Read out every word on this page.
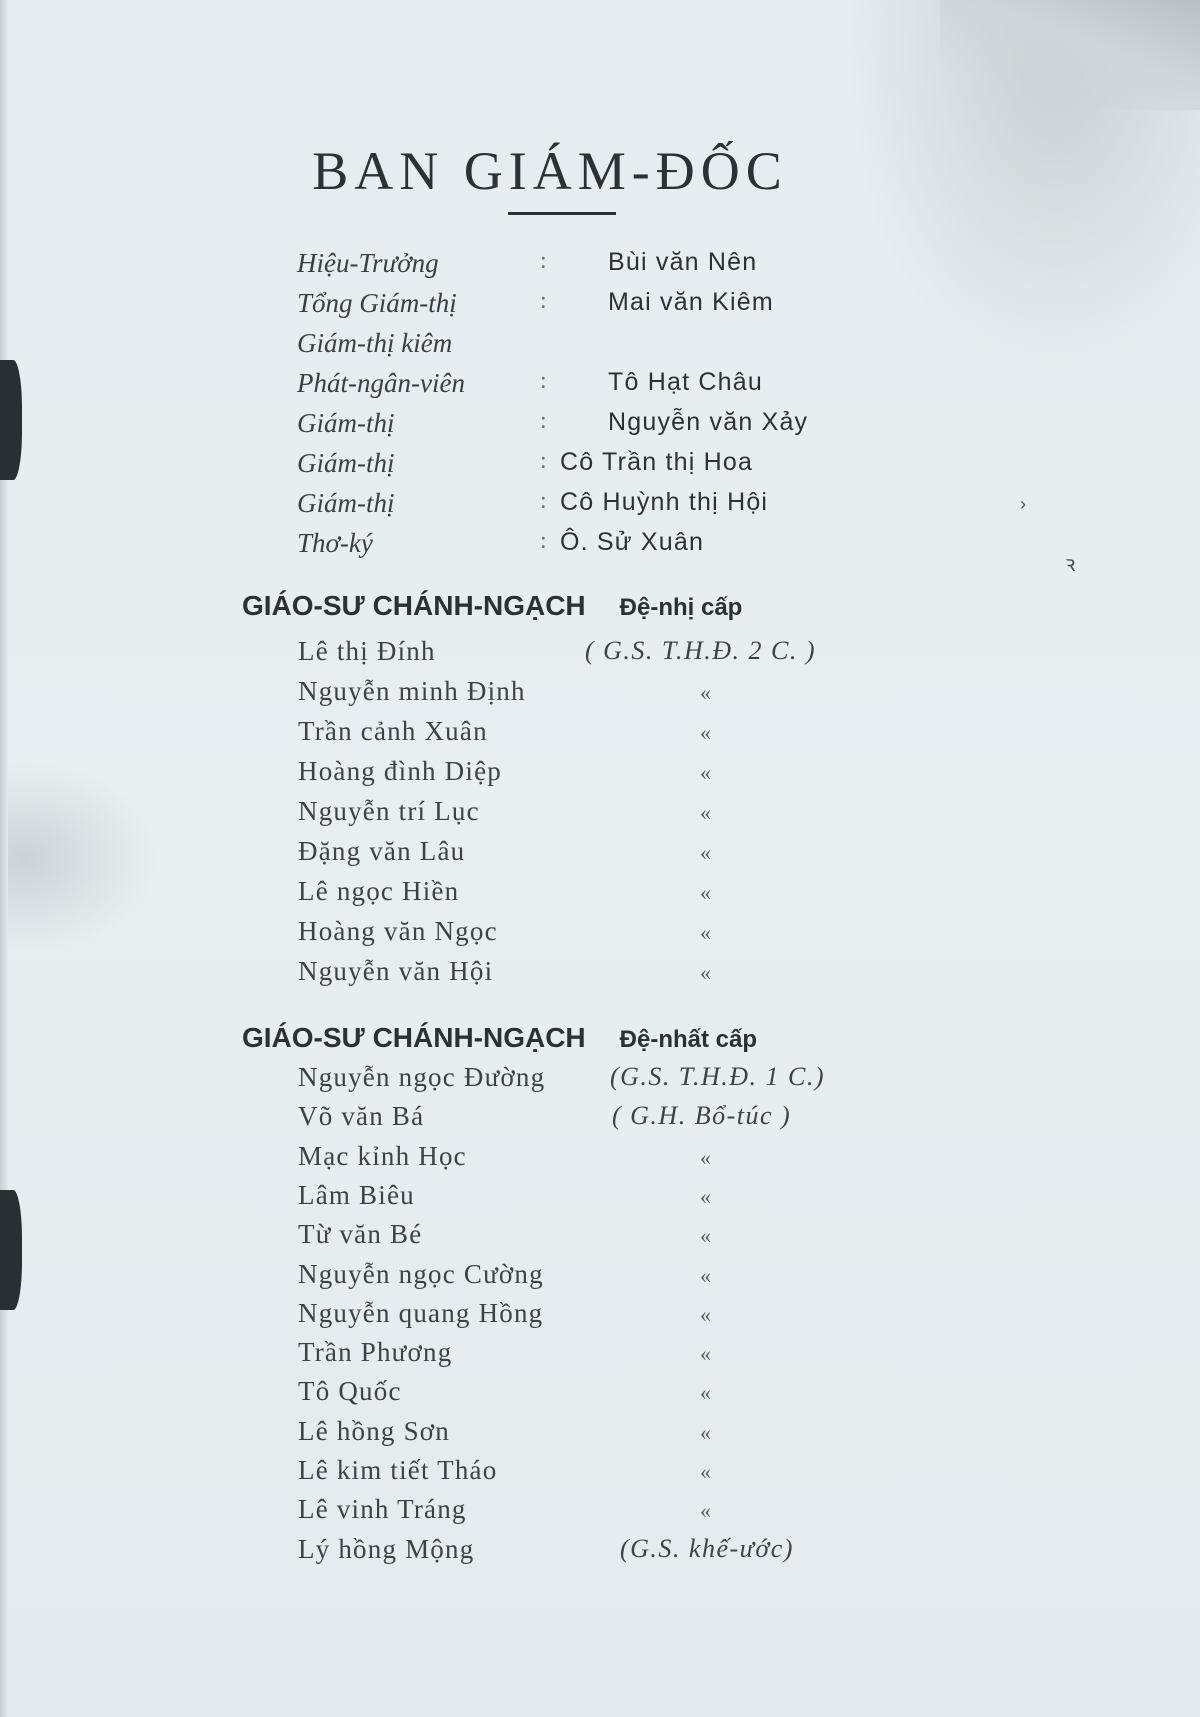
›
ꝛ
BAN GIÁM-ĐỐC
Hiệu-Trưởng	: Bùi văn Nên
Tổng Giám-thị	: Mai văn Kiêm
Giám-thị kiêm
Phát-ngân-viên	: Tô Hạt Châu
Giám-thị	: Nguyễn văn Xảy
Giám-thị	: Cô Trần thị Hoa
Giám-thị	: Cô Huỳnh thị Hội
Thơ-ký	: Ô. Sử Xuân
GIÁO-SƯ CHÁNH-NGẠCH Đệ-nhị cấp
Lê thị Đính	( G.S. T.H.Đ. 2 C. )
Nguyễn minh Định	«
Trần cảnh Xuân	«
Hoàng đình Diệp	«
Nguyễn trí Lục	«
Đặng văn Lâu	«
Lê ngọc Hiền	«
Hoàng văn Ngọc	«
Nguyễn văn Hội	«
GIÁO-SƯ CHÁNH-NGẠCH Đệ-nhất cấp
Nguyễn ngọc Đường (G.S. T.H.Đ. 1 C.)
Võ văn Bá	( G.H. Bổ-túc )
Mạc kỉnh Học	«
Lâm Biêu	«
Từ văn Bé	«
Nguyễn ngọc Cường	«
Nguyễn quang Hồng	«
Trần Phương	«
Tô Quốc	«
Lê hồng Sơn	«
Lê kim tiết Tháo	«
Lê vinh Tráng	«
Lý hồng Mộng	(G.S. khế-ước)
